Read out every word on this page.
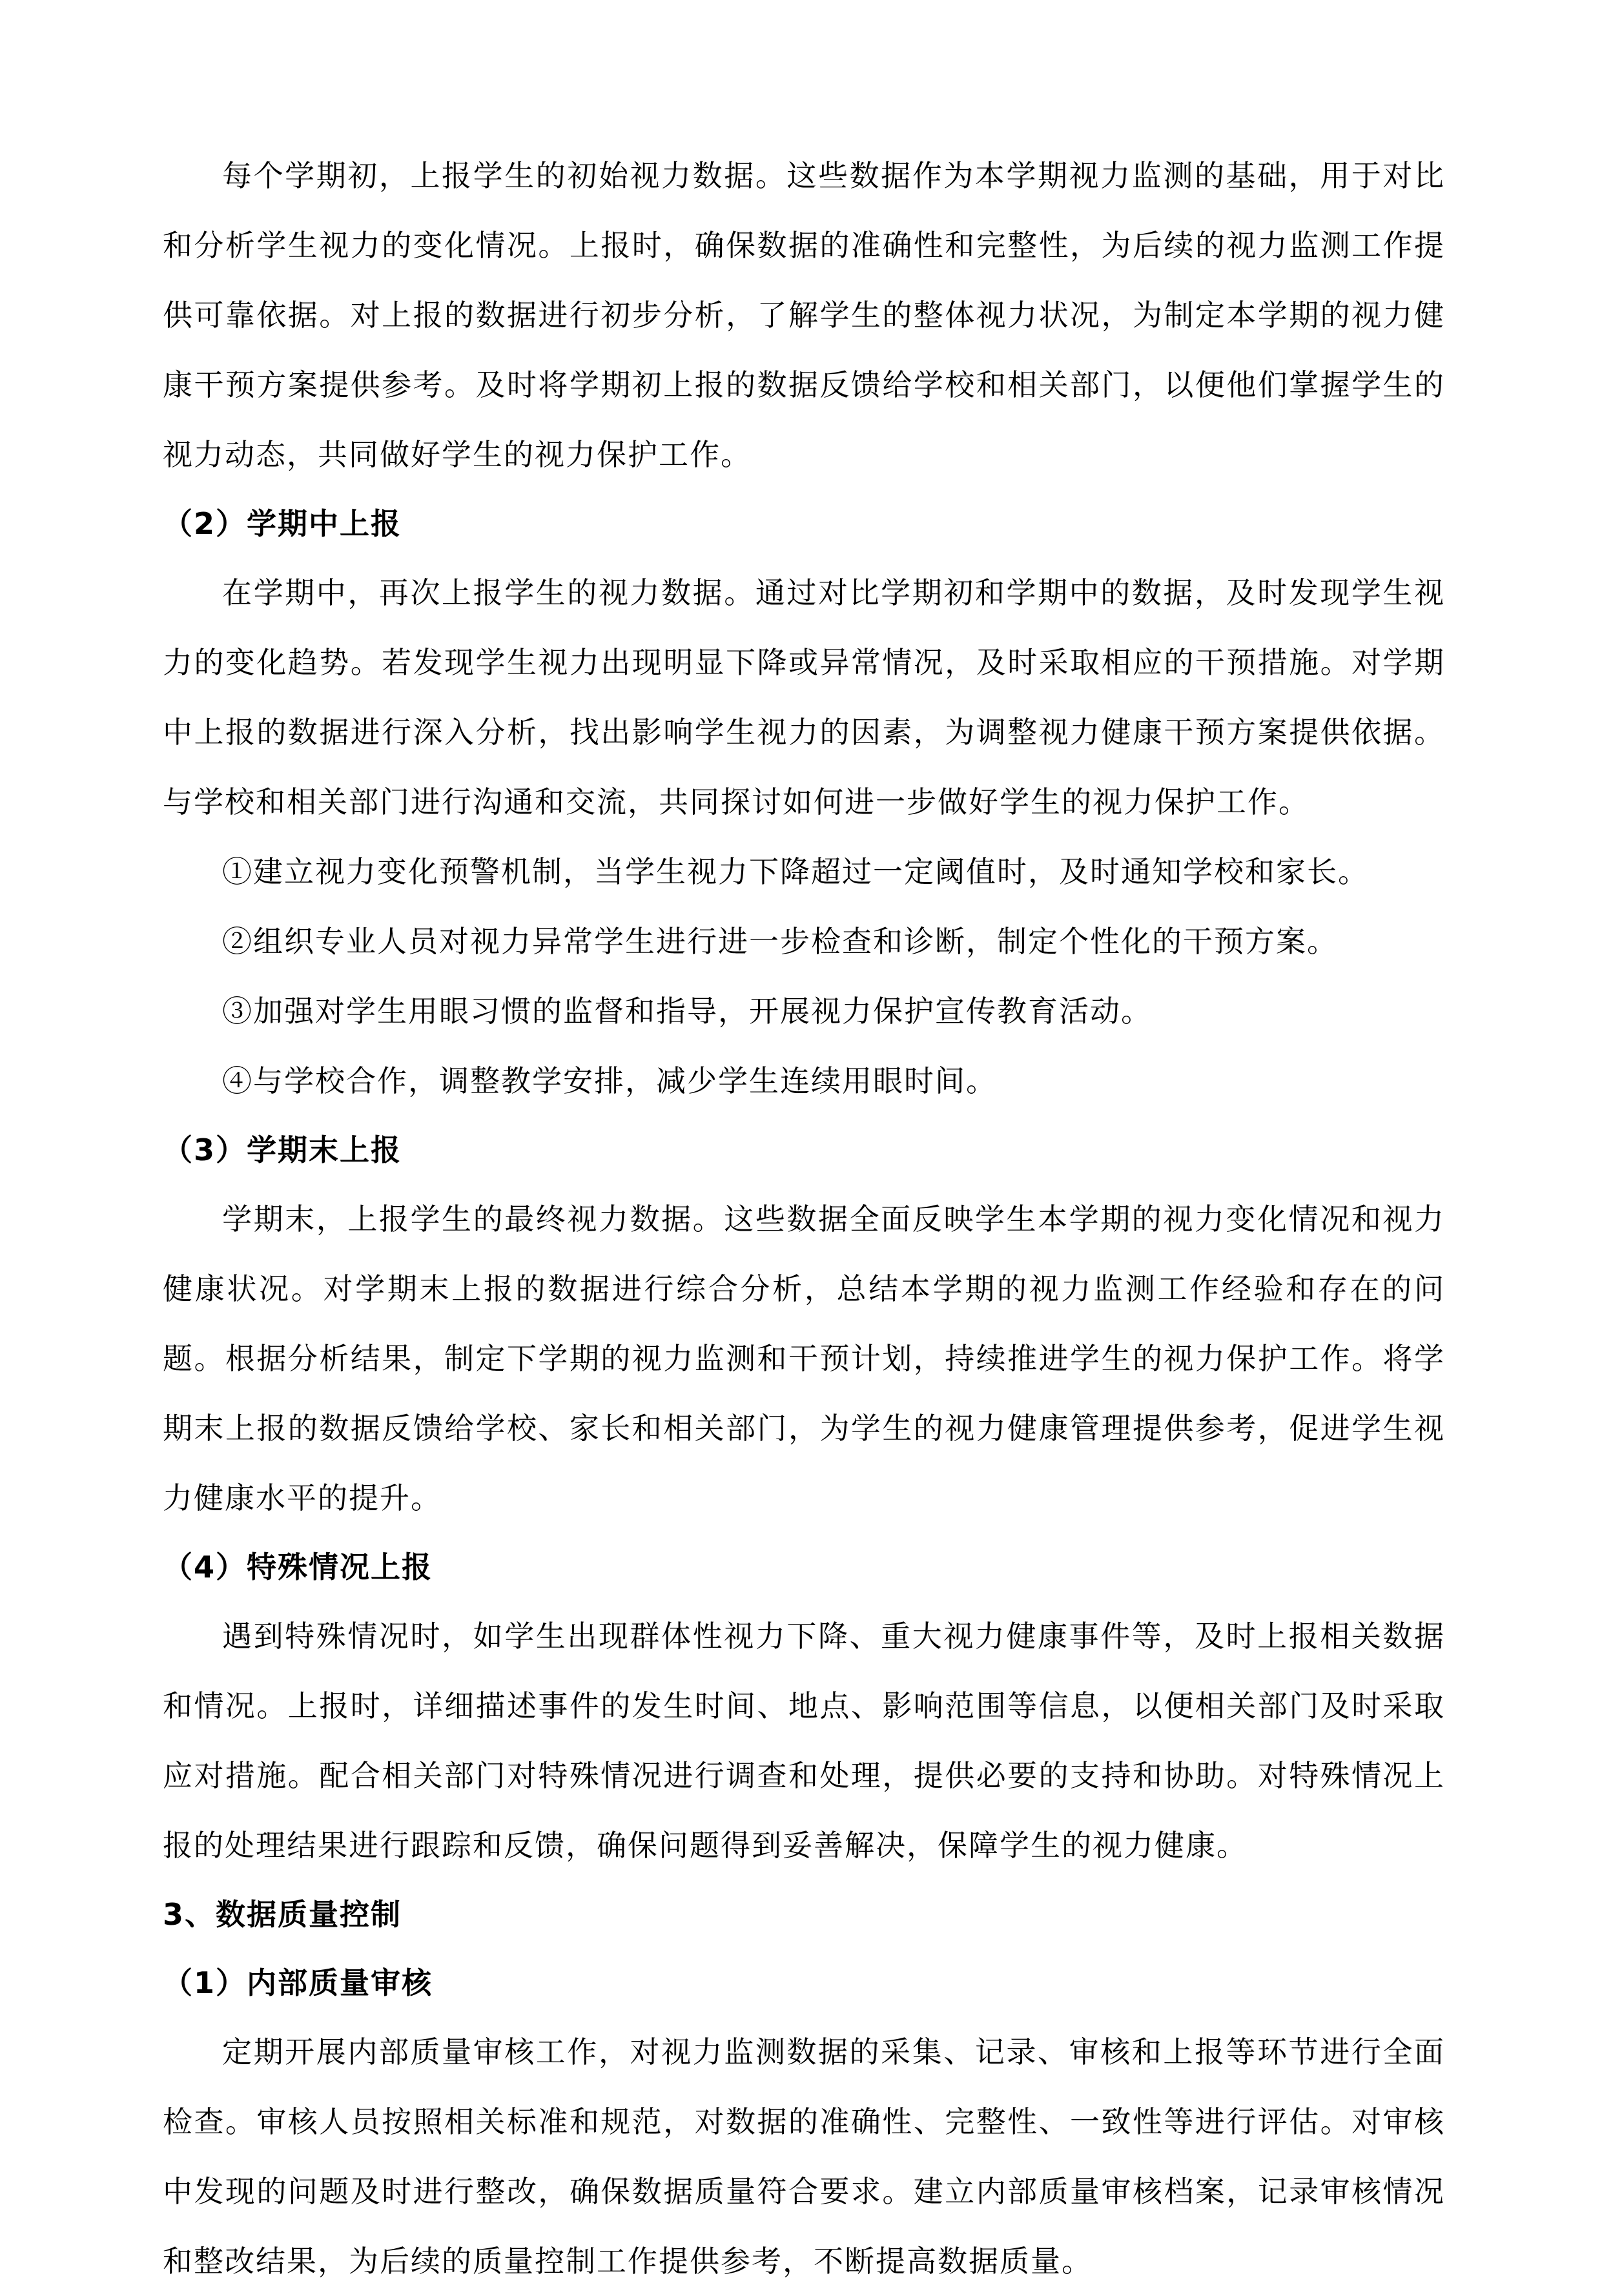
每个学期初，上报学生的初始视力数据。这些数据作为本学期视力监测的基础，用于对比和分析学生视力的变化情况。上报时，确保数据的准确性和完整性，为后续的视力监测工作提供可靠依据。对上报的数据进行初步分析，了解学生的整体视力状况，为制定本学期的视力健康干预方案提供参考。及时将学期初上报的数据反馈给学校和相关部门，以便他们掌握学生的视力动态，共同做好学生的视力保护工作。

（2）学期中上报

在学期中，再次上报学生的视力数据。通过对比学期初和学期中的数据，及时发现学生视力的变化趋势。若发现学生视力出现明显下降或异常情况，及时采取相应的干预措施。对学期中上报的数据进行深入分析，找出影响学生视力的因素，为调整视力健康干预方案提供依据。与学校和相关部门进行沟通和交流，共同探讨如何进一步做好学生的视力保护工作。

①建立视力变化预警机制，当学生视力下降超过一定阈值时，及时通知学校和家长。

②组织专业人员对视力异常学生进行进一步检查和诊断，制定个性化的干预方案。

③加强对学生用眼习惯的监督和指导，开展视力保护宣传教育活动。

④与学校合作，调整教学安排，减少学生连续用眼时间。

（3）学期末上报

学期末，上报学生的最终视力数据。这些数据全面反映学生本学期的视力变化情况和视力健康状况。对学期末上报的数据进行综合分析，总结本学期的视力监测工作经验和存在的问题。根据分析结果，制定下学期的视力监测和干预计划，持续推进学生的视力保护工作。将学期末上报的数据反馈给学校、家长和相关部门，为学生的视力健康管理提供参考，促进学生视力健康水平的提升。

（4）特殊情况上报

遇到特殊情况时，如学生出现群体性视力下降、重大视力健康事件等，及时上报相关数据和情况。上报时，详细描述事件的发生时间、地点、影响范围等信息，以便相关部门及时采取应对措施。配合相关部门对特殊情况进行调查和处理，提供必要的支持和协助。对特殊情况上报的处理结果进行跟踪和反馈，确保问题得到妥善解决，保障学生的视力健康。

3、数据质量控制

（1）内部质量审核

定期开展内部质量审核工作，对视力监测数据的采集、记录、审核和上报等环节进行全面检查。审核人员按照相关标准和规范，对数据的准确性、完整性、一致性等进行评估。对审核中发现的问题及时进行整改，确保数据质量符合要求。建立内部质量审核档案，记录审核情况和整改结果，为后续的质量控制工作提供参考，不断提高数据质量。
